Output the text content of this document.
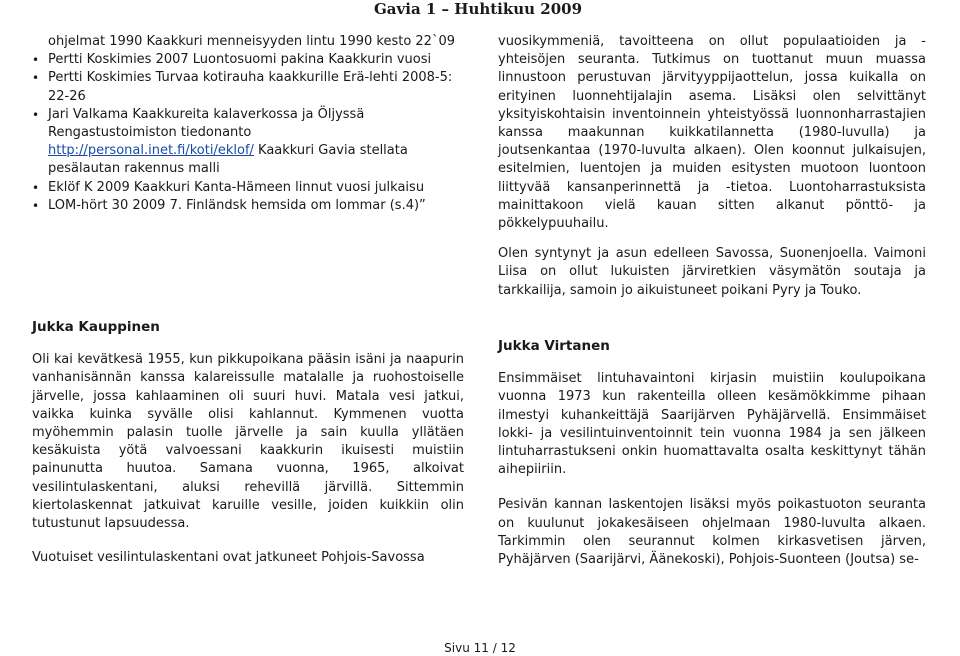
Gavia 1 – Huhtikuu 2009
ohjelmat 1990 Kaakkuri menneisyyden lintu 1990 kesto 22`09
• Pertti Koskimies 2007 Luontosuomi pakina Kaakkurin vuosi
• Pertti Koskimies Turvaa kotirauha kaakkurille Erä-lehti 2008-5: 22-26
• Jari Valkama Kaakkureita kalaverkossa ja Öljyssä Rengastustoimiston tiedonanto
http://personal.inet.fi/koti/eklof/ Kaakkuri Gavia stellata pesälautan rakennus malli
• Eklöf K 2009 Kaakkuri Kanta-Hämeen linnut vuosi julkaisu
• LOM-hört 30 2009 7. Finländsk hemsida om lommar (s.4)”
Jukka Kauppinen

Oli kai kevätkesä 1955, kun pikkupoikana pääsin isäni ja naapurin vanhanisännän kanssa kalareissulle matalalle ja ruohostoiselle järvelle, jossa kahlaaminen oli suuri huvi. Matala vesi jatkui, vaikka kuinka syvälle olisi kahlannut. Kymmenen vuotta myöhemmin palasin tuolle järvelle ja sain kuulla yllätäen kesäkuista yötä valvoessani kaakkurin ikuisesti muistiin painunutta huutoa. Samana vuonna, 1965, alkoivat vesilintulaskentani, aluksi rehevillä järvillä. Sittemmin kiertolaskennat jatkuivat karuille vesille, joiden kuikkiin olin tutustunut lapsuudessa.

Vuotuiset vesilintulaskentani ovat jatkuneet Pohjois-Savossa

vuosikymmeniä, tavoitteena on ollut populaatioiden ja -yhteisöjen seuranta. Tutkimus on tuottanut muun muassa linnustoon perustuvan järvityyppijaottelun, jossa kuikalla on erityinen luonnehtijalajin asema. Lisäksi olen selvittänyt yksityiskohtaisin inventoinnein yhteistyössä luonnonharrastajien kanssa maakunnan kuikkatilannetta (1980-luvulla) ja joutsenkantaa (1970-luvulta alkaen). Olen koonnut julkaisujen, esitelmien, luentojen ja muiden esitysten muotoon luontoon liittyvää kansanperinnettä ja -tietoa. Luontoharrastuksista mainittakoon vielä kauan sitten alkanut pönttö- ja pökkelypuuhailu.

Olen syntynyt ja asun edelleen Savossa, Suonenjoella. Vaimoni Liisa on ollut lukuisten järviretkien väsymätön soutaja ja tarkkailija, samoin jo aikuistuneet poikani Pyry ja Touko.

Jukka Virtanen

Ensimmäiset lintuhavaintoni kirjasin muistiin koulupoikana vuonna 1973 kun rakenteilla olleen kesämökkimme pihaan ilmestyi kuhankeittäjä Saarijärven Pyhäjärvellä. Ensimmäiset lokki- ja vesilintuinventoinnit tein vuonna 1984 ja sen jälkeen lintuharrastukseni onkin huomattavalta osalta keskittynyt tähän aihepiiriin.

Pesivän kannan laskentojen lisäksi myös poikastuoton seuranta on kuulunut jokakesäiseen ohjelmaan 1980-luvulta alkaen. Tarkimmin olen seurannut kolmen kirkasvetisen järven, Pyhäjärven (Saarijärvi, Äänekoski), Pohjois-Suonteen (Joutsa) se-

Sivu 11 / 12
